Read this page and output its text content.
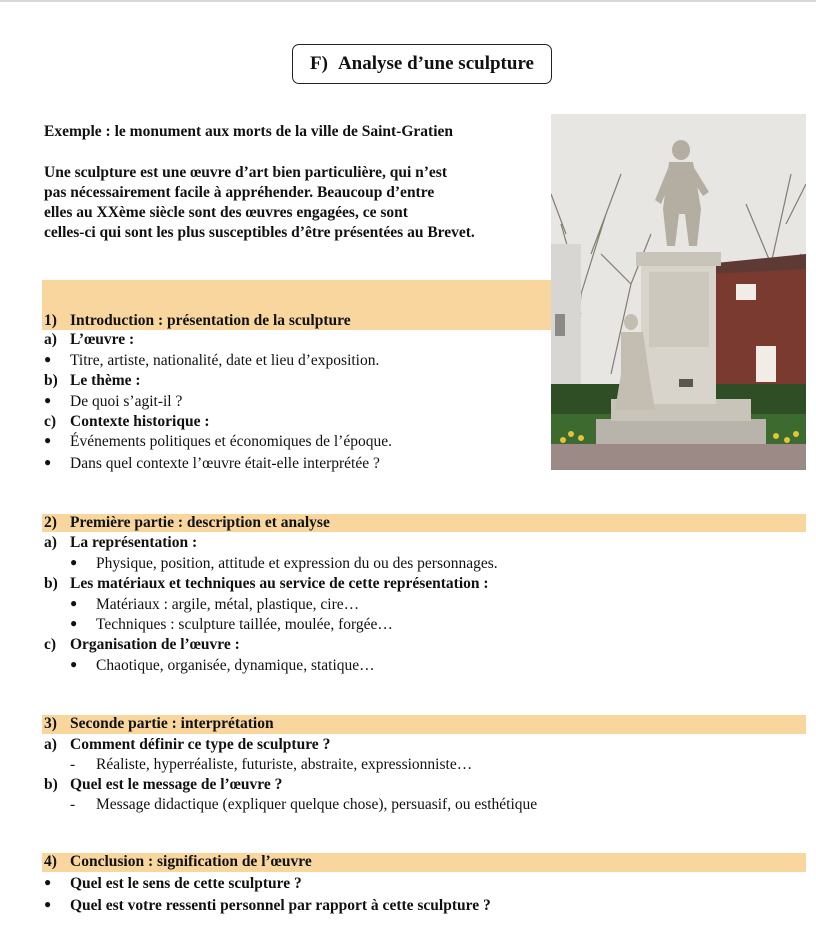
F) Analyse d’une sculpture
Exemple : le monument aux morts de la ville de Saint-Gratien
Une sculpture est une œuvre d’art bien particulière, qui n’est
pas nécessairement facile à appréhender. Beaucoup d’entre
elles au XXème siècle sont des œuvres engagées, ce sont
celles-ci qui sont les plus susceptibles d’être présentées au Brevet.
1) Introduction : présentation de la sculpture
a) L’œuvre :
● Titre, artiste, nationalité, date et lieu d’exposition.
b) Le thème :
● De quoi s’agit-il ?
c) Contexte historique :
● Événements politiques et économiques de l’époque.
● Dans quel contexte l’œuvre était-elle interprétée ?
2) Première partie : description et analyse
a) La représentation :
● Physique, position, attitude et expression du ou des personnages.
b) Les matériaux et techniques au service de cette représentation :
● Matériaux : argile, métal, plastique, cire…
● Techniques : sculpture taillée, moulée, forgée…
c) Organisation de l’œuvre :
● Chaotique, organisée, dynamique, statique…
3) Seconde partie : interprétation
a) Comment définir ce type de sculpture ?
- Réaliste, hyperréaliste, futuriste, abstraite, expressionniste…
b) Quel est le message de l’œuvre ?
- Message didactique (expliquer quelque chose), persuasif, ou esthétique
4) Conclusion : signification de l’œuvre
● Quel est le sens de cette sculpture ?
● Quel est votre ressenti personnel par rapport à cette sculpture ?
